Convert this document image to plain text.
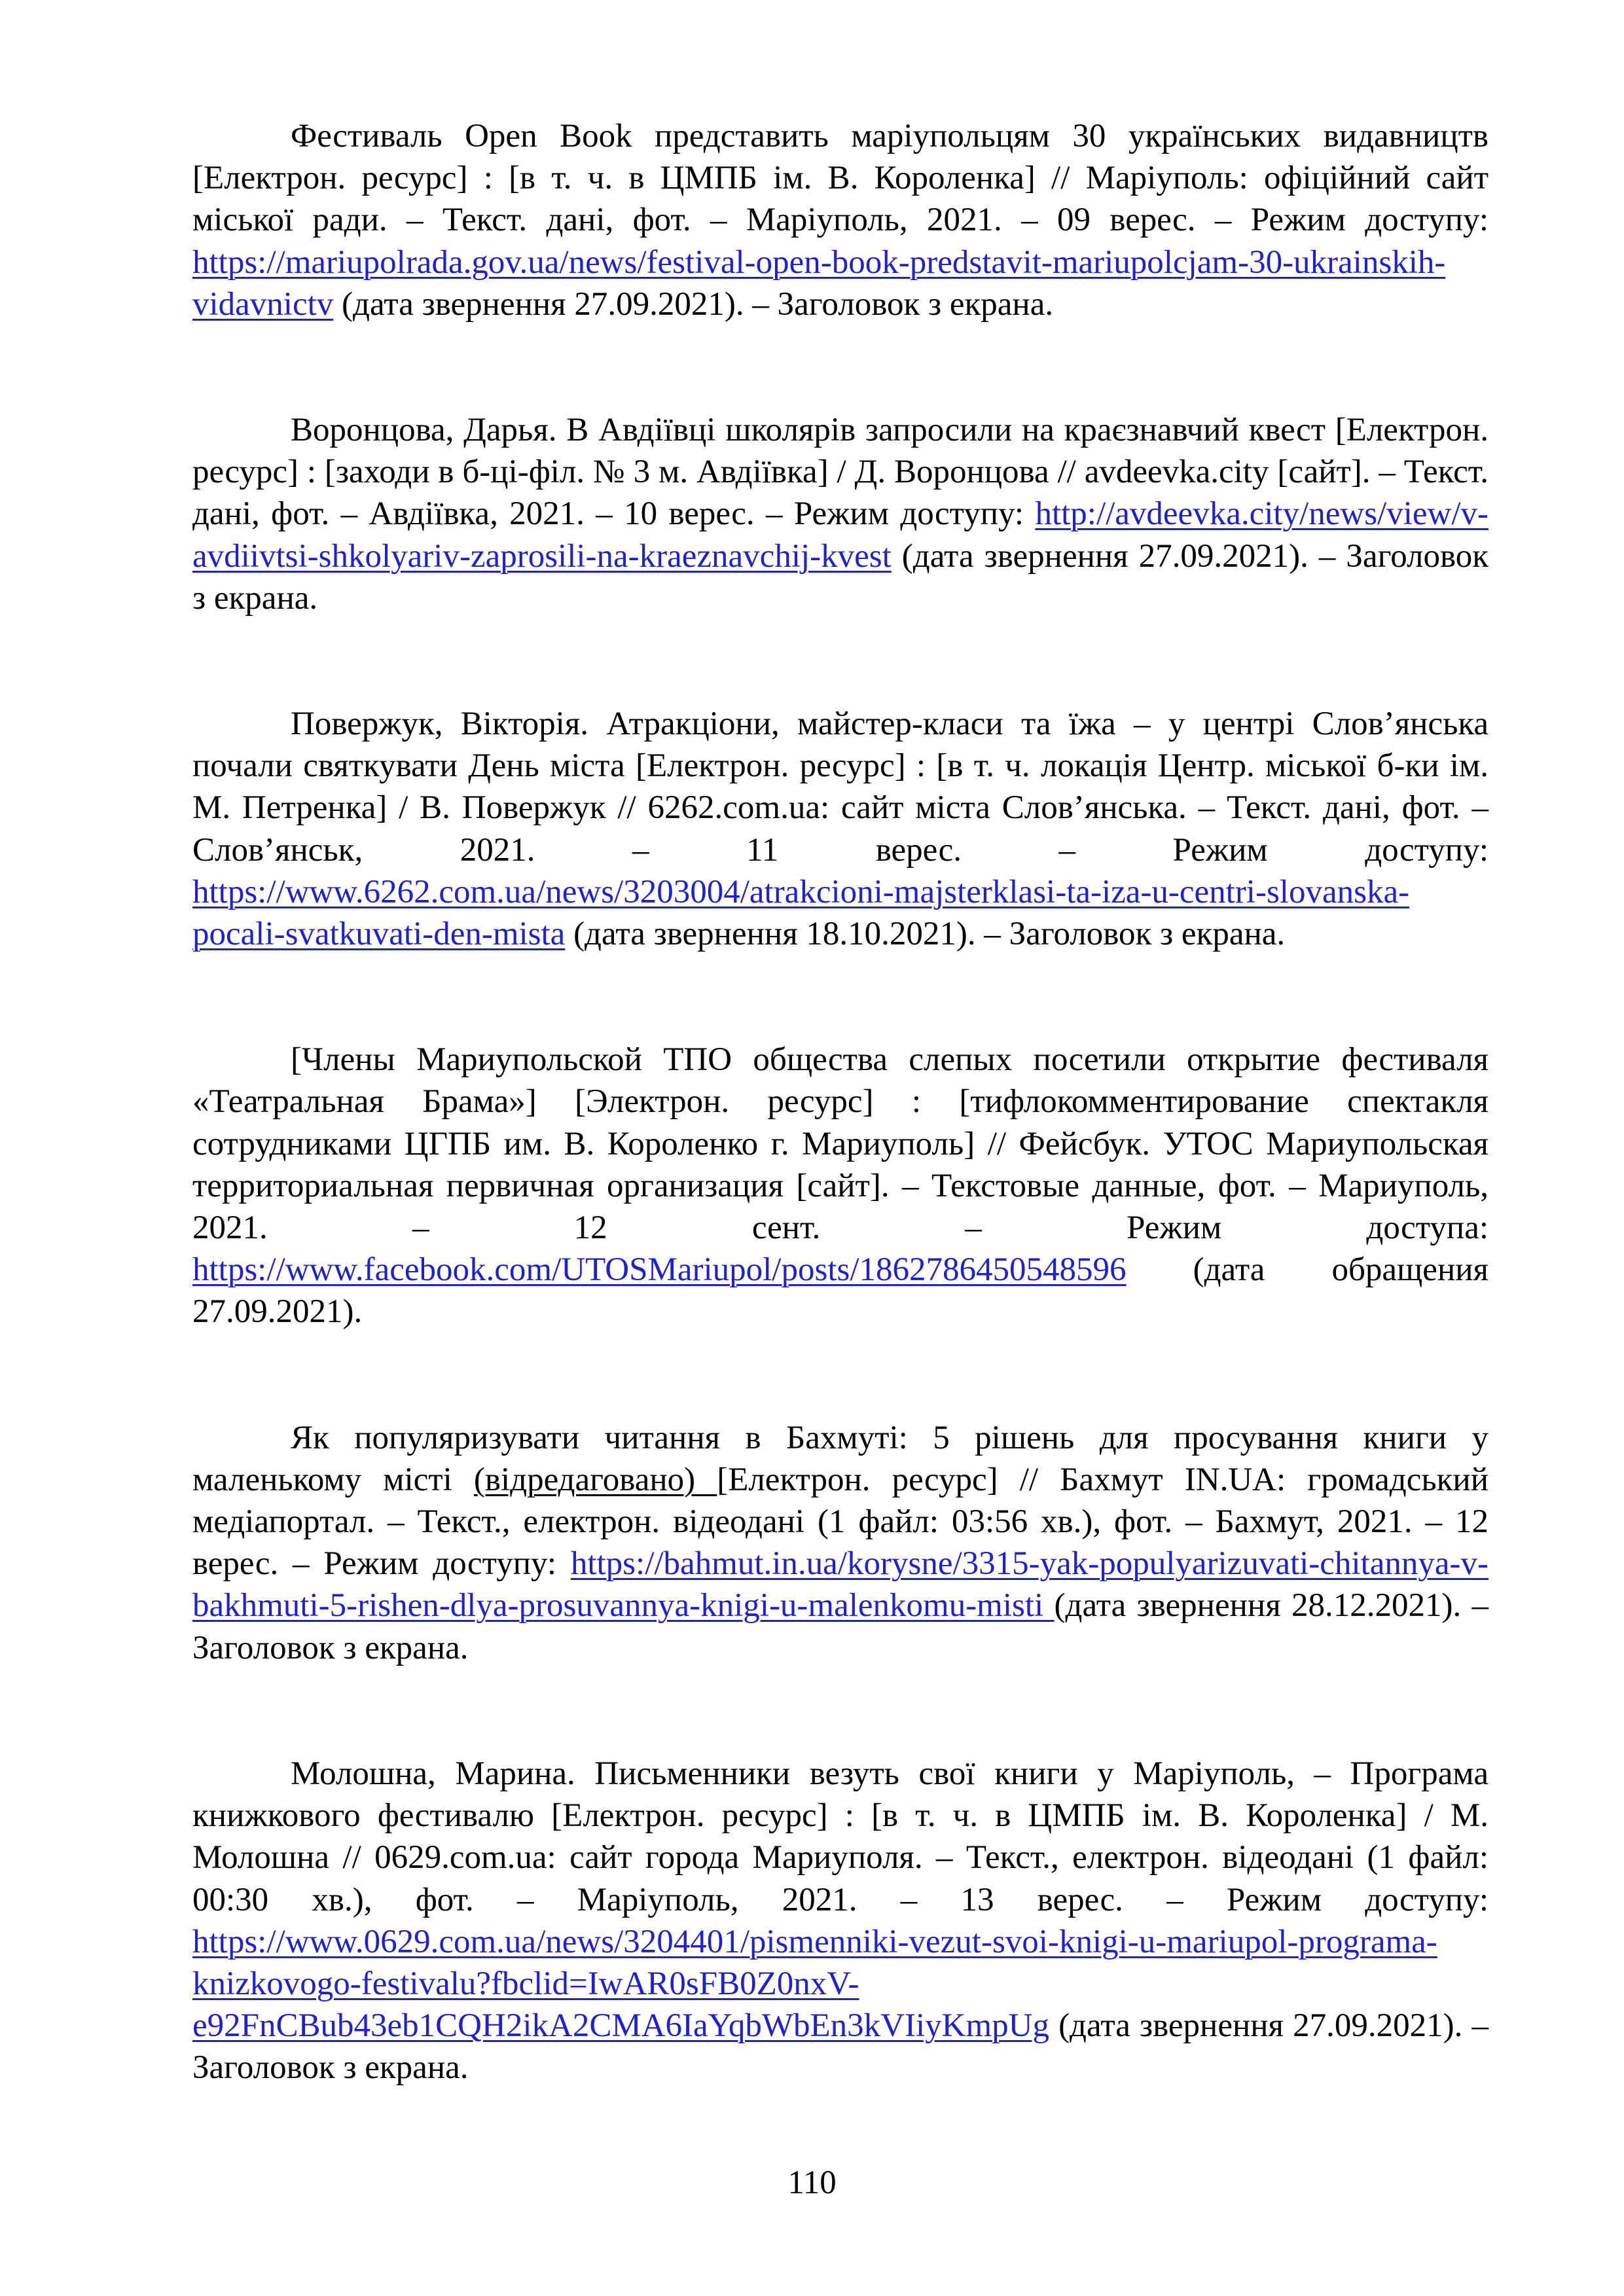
Фестиваль Open Book представить маріупольцям 30 українських видавництв [Електрон. ресурс] : [в т. ч. в ЦМПБ ім. В. Короленка] // Маріуполь: офіційний сайт міської ради. – Текст. дані, фот. – Маріуполь, 2021. – 09 верес. – Режим доступу: https://mariupolrada.gov.ua/news/festival-open-book-predstavit-mariupolcjam-30-ukrainskih-vidavnictv (дата звернення 27.09.2021). – Заголовок з екрана.

Воронцова, Дарья. В Авдіївці школярів запросили на краєзнавчий квест [Електрон. ресурс] : [заходи в б-ці-філ. № 3 м. Авдіївка] / Д. Воронцова // avdeevka.city [сайт]. – Текст. дані, фот. – Авдіївка, 2021. – 10 верес. – Режим доступу: http://avdeevka.city/news/view/v-avdiivtsi-shkolyariv-zaprosili-na-kraeznavchij-kvest (дата звернення 27.09.2021). – Заголовок з екрана.

Повержук, Вікторія. Атракціони, майстер-класи та їжа – у центрі Слов’янська почали святкувати День міста [Електрон. ресурс] : [в т. ч. локація Центр. міської б-ки ім. М. Петренка] / В. Повержук // 6262.com.ua: сайт міста Слов’янська. – Текст. дані, фот. – Слов’янськ, 2021. – 11 верес. – Режим доступу: https://www.6262.com.ua/news/3203004/atrakcioni-majsterklasi-ta-iza-u-centri-slovanska-pocali-svatkuvati-den-mista (дата звернення 18.10.2021). – Заголовок з екрана.

[Члены Мариупольской ТПО общества слепых посетили открытие фестиваля «Театральная Брама»] [Электрон. ресурс] : [тифлокомментирование спектакля сотрудниками ЦГПБ им. В. Короленко г. Мариуполь] // Фейсбук. УТОС Мариупольская территориальная первичная организация [сайт]. – Текстовые данные, фот. – Мариуполь, 2021. – 12 сент. – Режим доступа: https://www.facebook.com/UTOSMariupol/posts/1862786450548596 (дата обращения 27.09.2021).

Як популяризувати читання в Бахмуті: 5 рішень для просування книги у маленькому місті (відредаговано) [Електрон. ресурс] // Бахмут IN.UA: громадський медіапортал. – Текст., електрон. відеодані (1 файл: 03:56 хв.), фот. – Бахмут, 2021. – 12 верес. – Режим доступу: https://bahmut.in.ua/korysne/3315-yak-populyarizuvati-chitannya-v-bakhmuti-5-rishen-dlya-prosuvannya-knigi-u-malenkomu-misti (дата звернення 28.12.2021). – Заголовок з екрана.

Молошна, Марина. Письменники везуть свої книги у Маріуполь, – Програма книжкового фестивалю [Електрон. ресурс] : [в т. ч. в ЦМПБ ім. В. Короленка] / М. Молошна // 0629.com.ua: сайт города Мариуполя. – Текст., електрон. відеодані (1 файл: 00:30 хв.), фот. – Маріуполь, 2021. – 13 верес. – Режим доступу: https://www.0629.com.ua/news/3204401/pismenniki-vezut-svoi-knigi-u-mariupol-programa-knizkovogo-festivalu?fbclid=IwAR0sFB0Z0nxV-e92FnCBub43eb1CQH2ikA2CMA6IaYqbWbEn3kVIiyKmpUg (дата звернення 27.09.2021). – Заголовок з екрана.

110
